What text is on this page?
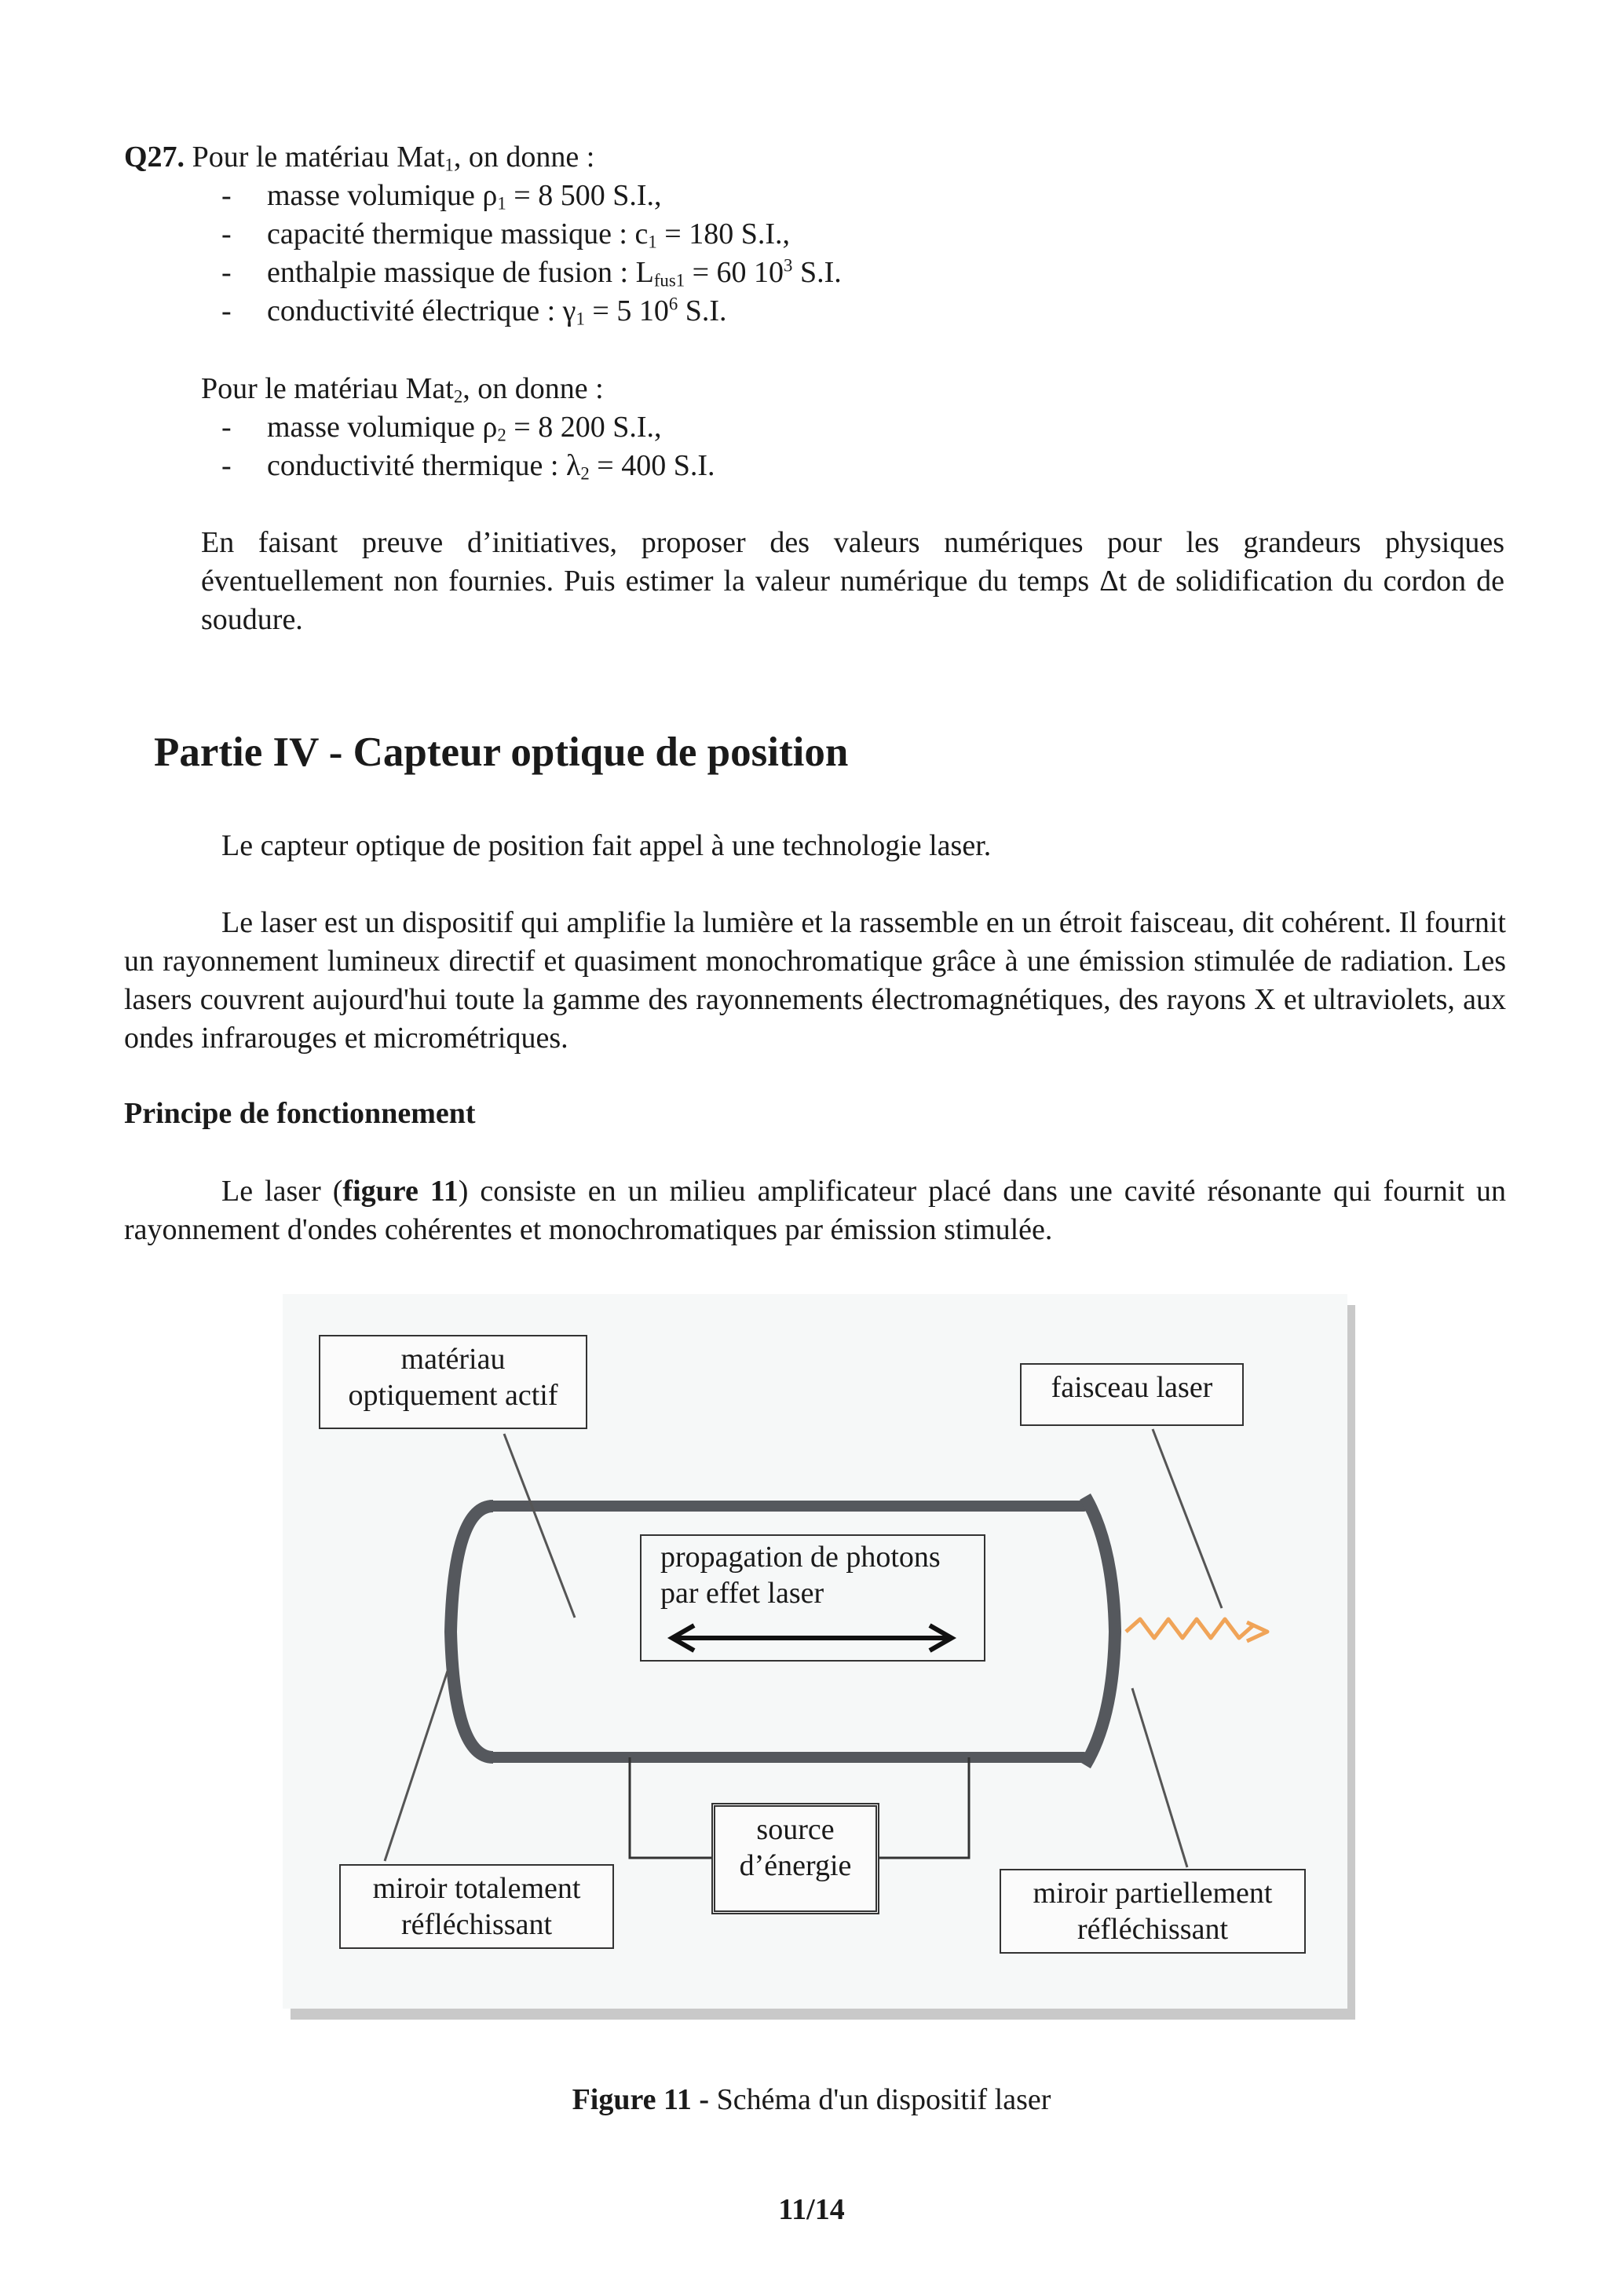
Q27. Pour le matériau Mat$_1$, on donne :
- masse volumique $\rho_1 = 8$ 500 S.I.,
- capacité thermique massique : $c_1 = 180$ S.I.,
- enthalpie massique de fusion : $L_{fus1} = 60$ $10^3$ S.I.
- conductivité électrique : $\gamma_1 = 5$ $10^6$ S.I.
Pour le matériau Mat$_2$, on donne :
- masse volumique $\rho_2 = 8$ 200 S.I.,
- conductivité thermique : $\lambda_2 = 400$ S.I.
En faisant preuve d’initiatives, proposer des valeurs numériques pour les grandeurs physiques éventuellement non fournies. Puis estimer la valeur numérique du temps Δt de solidification du cordon de soudure.
Partie IV - Capteur optique de position
Le capteur optique de position fait appel à une technologie laser.
Le laser est un dispositif qui amplifie la lumière et la rassemble en un étroit faisceau, dit cohérent. Il fournit un rayonnement lumineux directif et quasiment monochromatique grâce à une émission stimulée de radiation. Les lasers couvrent aujourd'hui toute la gamme des rayonnements électromagnétiques, des rayons X et ultraviolets, aux ondes infrarouges et micrométriques.
Principe de fonctionnement
Le laser (figure 11) consiste en un milieu amplificateur placé dans une cavité résonante qui fournit un rayonnement d'ondes cohérentes et monochromatiques par émission stimulée.
matériau
optiquement actif	faisceau laser
propagation de photons
par effet laser
source
d’énergie
miroir totalement
réfléchissant
miroir partiellement
réfléchissant
Figure 11 - Schéma d'un dispositif laser
11/14
